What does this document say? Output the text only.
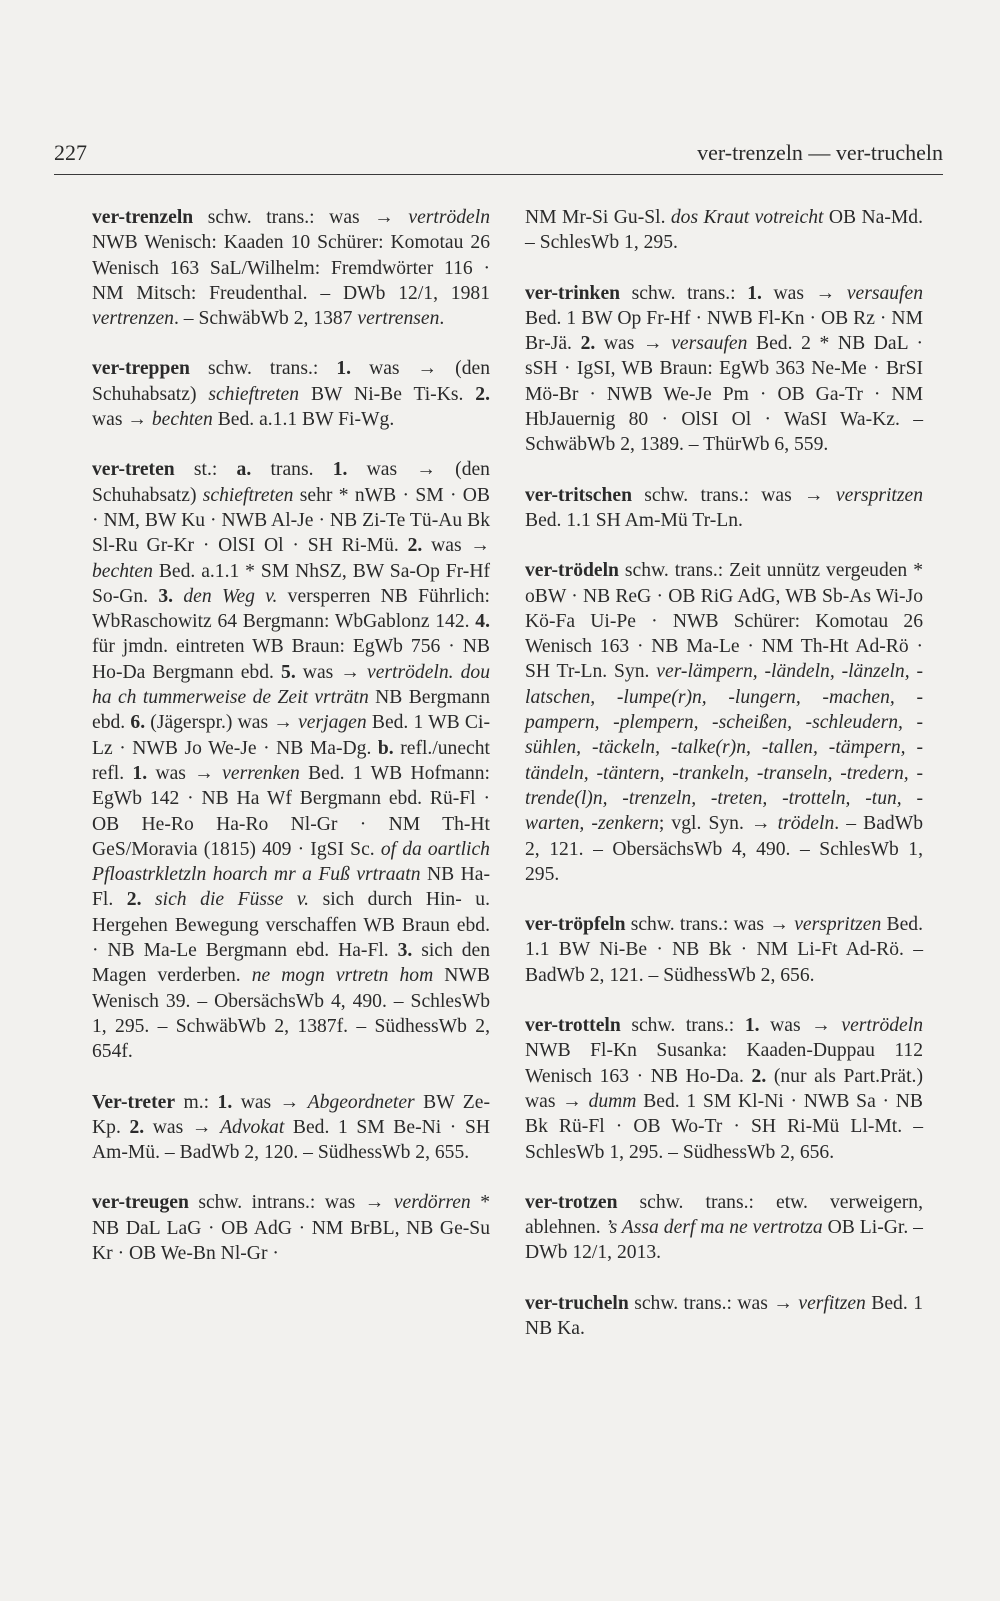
227	ver-trenzeln — ver-trucheln

ver-trenzeln schw. trans.: was → vertrödeln NWB Wenisch: Kaaden 10 Schürer: Komotau 26 Wenisch 163 SaL/Wilhelm: Fremdwörter 116 · NM Mitsch: Freudenthal. – DWb 12/1, 1981 vertrenzen. – SchwäbWb 2, 1387 vertrensen.

ver-treppen schw. trans.: 1. was → (den Schuhabsatz) schieftreten BW Ni-Be Ti-Ks. 2. was → bechten Bed. a.1.1 BW Fi-Wg.

ver-treten st.: a. trans. 1. was → (den Schuhabsatz) schieftreten sehr * nWB · SM · OB · NM, BW Ku · NWB Al-Je · NB Zi-Te Tü-Au Bk Sl-Ru Gr-Kr · OlSI Ol · SH Ri-Mü. 2. was → bechten Bed. a.1.1 * SM NhSZ, BW Sa-Op Fr-Hf So-Gn. 3. den Weg v. versperren NB Führlich: WbRaschowitz 64 Bergmann: WbGablonz 142. 4. für jmdn. eintreten WB Braun: EgWb 756 · NB Ho-Da Bergmann ebd. 5. was → vertrödeln. dou ha ch tummerweise de Zeit vrträtn NB Bergmann ebd. 6. (Jägerspr.) was → verjagen Bed. 1 WB Ci-Lz · NWB Jo We-Je · NB Ma-Dg. b. refl./unecht refl. 1. was → verrenken Bed. 1 WB Hofmann: EgWb 142 · NB Ha Wf Bergmann ebd. Rü-Fl · OB He-Ro Ha-Ro Nl-Gr · NM Th-Ht GeS/Moravia (1815) 409 · IgSI Sc. of da oartlich Pfloastrkletzln hoarch mr a Fuß vrtraatn NB Ha-Fl. 2. sich die Füsse v. sich durch Hin- u. Hergehen Bewegung verschaffen WB Braun ebd. · NB Ma-Le Bergmann ebd. Ha-Fl. 3. sich den Magen verderben. ne mogn vrtretn hom NWB Wenisch 39. – ObersächsWb 4, 490. – SchlesWb 1, 295. – SchwäbWb 2, 1387f. – SüdhessWb 2, 654f.

Ver-treter m.: 1. was → Abgeordneter BW Ze-Kp. 2. was → Advokat Bed. 1 SM Be-Ni · SH Am-Mü. – BadWb 2, 120. – SüdhessWb 2, 655.

ver-treugen schw. intrans.: was → verdörren * NB DaL LaG · OB AdG · NM BrBL, NB Ge-Su Kr · OB We-Bn Nl-Gr ·

NM Mr-Si Gu-Sl. dos Kraut votreicht OB Na-Md. – SchlesWb 1, 295.

ver-trinken schw. trans.: 1. was → versaufen Bed. 1 BW Op Fr-Hf · NWB Fl-Kn · OB Rz · NM Br-Jä. 2. was → versaufen Bed. 2 * NB DaL · sSH · IgSI, WB Braun: EgWb 363 Ne-Me · BrSI Mö-Br · NWB We-Je Pm · OB Ga-Tr · NM HbJauernig 80 · OlSI Ol · WaSI Wa-Kz. – SchwäbWb 2, 1389. – ThürWb 6, 559.

ver-tritschen schw. trans.: was → verspritzen Bed. 1.1 SH Am-Mü Tr-Ln.

ver-trödeln schw. trans.: Zeit unnütz vergeuden * oBW · NB ReG · OB RiG AdG, WB Sb-As Wi-Jo Kö-Fa Ui-Pe · NWB Schürer: Komotau 26 Wenisch 163 · NB Ma-Le · NM Th-Ht Ad-Rö · SH Tr-Ln. Syn. ver-lämpern, -ländeln, -länzeln, -latschen, -lumpe(r)n, -lungern, -machen, -pampern, -plempern, -scheißen, -schleudern, -sühlen, -täckeln, -talke(r)n, -tallen, -tämpern, -tändeln, -täntern, -trankeln, -transeln, -tredern, -trende(l)n, -trenzeln, -treten, -trotteln, -tun, -warten, -zenkern; vgl. Syn. → trödeln. – BadWb 2, 121. – ObersächsWb 4, 490. – SchlesWb 1, 295.

ver-tröpfeln schw. trans.: was → verspritzen Bed. 1.1 BW Ni-Be · NB Bk · NM Li-Ft Ad-Rö. – BadWb 2, 121. – SüdhessWb 2, 656.

ver-trotteln schw. trans.: 1. was → vertrödeln NWB Fl-Kn Susanka: Kaaden-Duppau 112 Wenisch 163 · NB Ho-Da. 2. (nur als Part.Prät.) was → dumm Bed. 1 SM Kl-Ni · NWB Sa · NB Bk Rü-Fl · OB Wo-Tr · SH Ri-Mü Ll-Mt. – SchlesWb 1, 295. – SüdhessWb 2, 656.

ver-trotzen schw. trans.: etw. verweigern, ablehnen. ’s Assa derf ma ne vertrotza OB Li-Gr. – DWb 12/1, 2013.

ver-trucheln schw. trans.: was → verfitzen Bed. 1 NB Ka.
